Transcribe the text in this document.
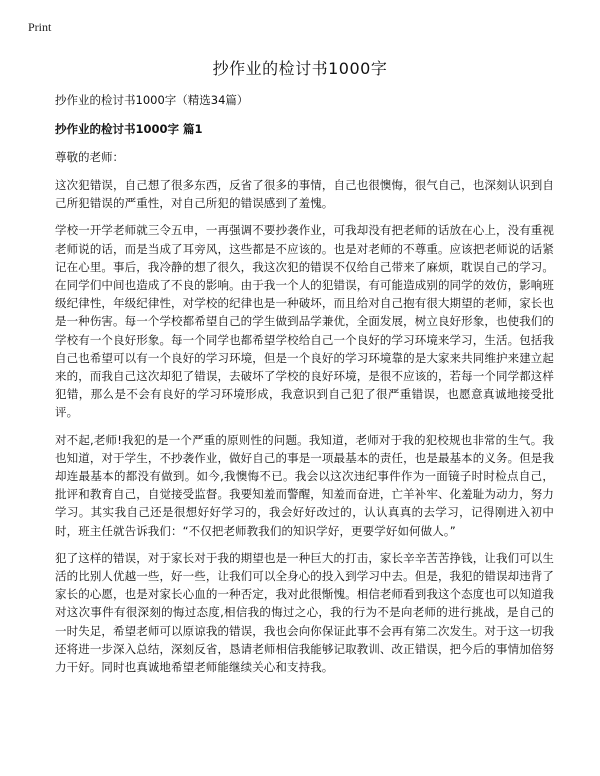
Print
抄作业的检讨书1000字

抄作业的检讨书1000字（精选34篇）

抄作业的检讨书1000字 篇1

尊敬的老师：

这次犯错误，自己想了很多东西，反省了很多的事情，自己也很懊悔，很气自己，也深刻认识到自己所犯错误的严重性，对自己所犯的错误感到了羞愧。

学校一开学老师就三令五申，一再强调不要抄袭作业，可我却没有把老师的话放在心上，没有重视老师说的话，而是当成了耳旁风，这些都是不应该的。也是对老师的不尊重。应该把老师说的话紧记在心里。事后，我冷静的想了很久，我这次犯的错误不仅给自己带来了麻烦，耽误自己的学习。在同学们中间也造成了不良的影响。由于我一个人的犯错误，有可能造成别的同学的效仿，影响班级纪律性，年级纪律性，对学校的纪律也是一种破坏，而且给对自己抱有很大期望的老师，家长也是一种伤害。每一个学校都希望自己的学生做到品学兼优，全面发展，树立良好形象，也使我们的学校有一个良好形象。每一个同学也都希望学校给自己一个良好的学习环境来学习，生活。包括我自己也希望可以有一个良好的学习环境，但是一个良好的学习环境靠的是大家来共同维护来建立起来的，而我自己这次却犯了错误，去破坏了学校的良好环境，是很不应该的，若每一个同学都这样犯错，那么是不会有良好的学习环境形成，我意识到自己犯了很严重错误，也愿意真诚地接受批评。

对不起,老师!我犯的是一个严重的原则性的问题。我知道，老师对于我的犯校规也非常的生气。我也知道，对于学生，不抄袭作业，做好自己的事是一项最基本的责任，也是最基本的义务。但是我却连最基本的都没有做到。如今,我懊悔不已。我会以这次违纪事件作为一面镜子时时检点自己，批评和教育自己，自觉接受监督。我要知羞而警醒，知羞而奋进，亡羊补牢、化羞耻为动力，努力学习。其实我自己还是很想好好学习的，我会好好改过的，认认真真的去学习，记得刚进入初中时，班主任就告诉我们：“不仅把老师教我们的知识学好，更要学好如何做人。”

犯了这样的错误，对于家长对于我的期望也是一种巨大的打击，家长辛辛苦苦挣钱，让我们可以生活的比别人优越一些，好一些，让我们可以全身心的投入到学习中去。但是，我犯的错误却违背了家长的心愿，也是对家长心血的一种否定，我对此很惭愧。相信老师看到我这个态度也可以知道我对这次事件有很深刻的悔过态度,相信我的悔过之心，我的行为不是向老师的进行挑战，是自己的一时失足，希望老师可以原谅我的错误，我也会向你保证此事不会再有第二次发生。对于这一切我还将进一步深入总结，深刻反省，恳请老师相信我能够记取教训、改正错误，把今后的事情加倍努力干好。同时也真诚地希望老师能继续关心和支持我。
